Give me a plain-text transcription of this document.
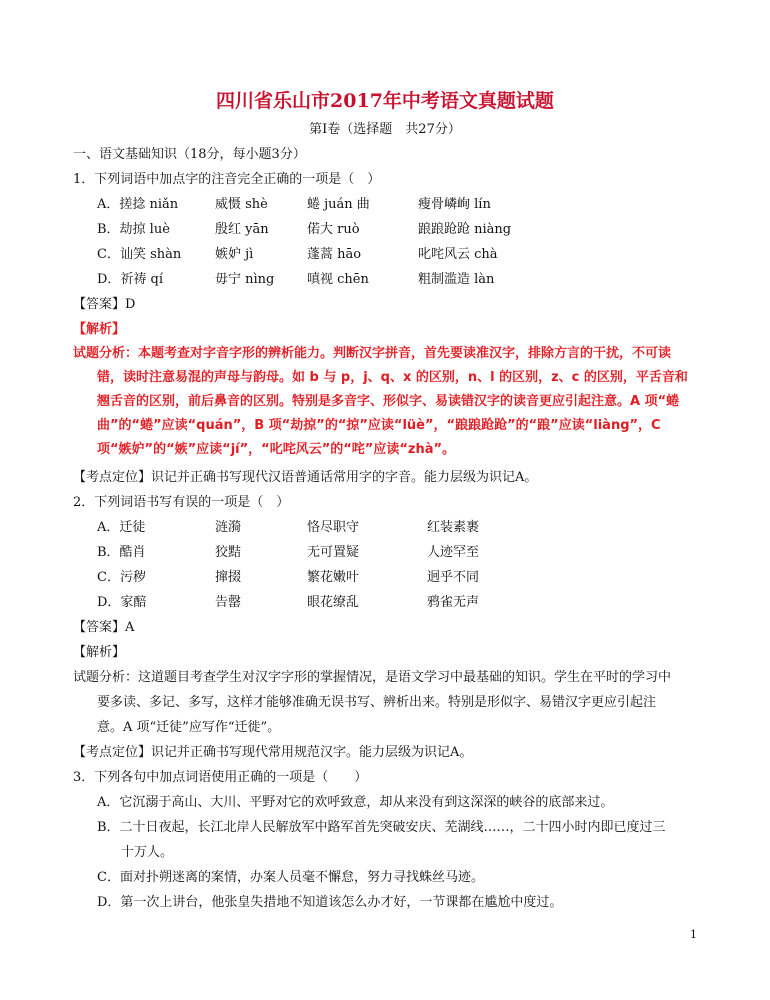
四川省乐山市2017年中考语文真题试题
第Ⅰ卷（选择题　共27分）
一、语文基础知识（18分，每小题3分）
1．下列词语中加点字的注音完全正确的一项是（　）
A．搓捻 niǎn	威慑 shè	蜷 juán 曲	瘦骨嶙峋 lín
B．劫掠 luè	殷红 yān	偌大 ruò	踉踉跄跄 niàng
C．讪笑 shàn	嫉妒 jì	蓬蒿 hāo	叱咤风云 chà
D．祈祷 qí	毋宁 nìng	嗔视 chēn	粗制滥造 làn
【答案】D
【解析】
试题分析：本题考查对字音字形的辨析能力。判断汉字拼音，首先要读准汉字，排除方言的干扰，不可读
错，读时注意易混的声母与韵母。如 b 与 p，j、q、x 的区别，n、l 的区别，z、c 的区别，平舌音和
翘舌音的区别，前后鼻音的区别。特别是多音字、形似字、易读错汉字的读音更应引起注意。A 项“蜷
曲”的“蜷”应读“quán”，B 项“劫掠”的“掠”应读“lüè”，“踉踉跄跄”的“踉”应读“liàng”，C
项“嫉妒”的“嫉”应读“jí”，“叱咤风云”的“咤”应读“zhà”。
【考点定位】识记并正确书写现代汉语普通话常用字的字音。能力层级为识记A。
2．下列词语书写有误的一项是（　）
A．迁徒	涟漪	恪尽职守	红装素裹
B．酷肖	狡黠	无可置疑	人迹罕至
C．污秽	撺掇	繁花嫩叶	迥乎不同
D．家醅	告罄	眼花缭乱	鸦雀无声
【答案】A
【解析】
试题分析：这道题目考查学生对汉字字形的掌握情况，是语文学习中最基础的知识。学生在平时的学习中
要多读、多记、多写，这样才能够准确无误书写、辨析出来。特别是形似字、易错汉字更应引起注
意。A 项“迁徒”应写作“迁徙”。
【考点定位】识记并正确书写现代常用规范汉字。能力层级为识记A。
3．下列各句中加点词语使用正确的一项是（　　）
A．它沉溺于高山、大川、平野对它的欢呼致意，却从来没有到这深深的峡谷的底部来过。
B．二十日夜起，长江北岸人民解放军中路军首先突破安庆、芜湖线……，二十四小时内即已度过三
十万人。
C．面对扑朔迷离的案情，办案人员毫不懈怠，努力寻找蛛丝马迹。
D．第一次上讲台，他张皇失措地不知道该怎么办才好，一节课都在尴尬中度过。
1
